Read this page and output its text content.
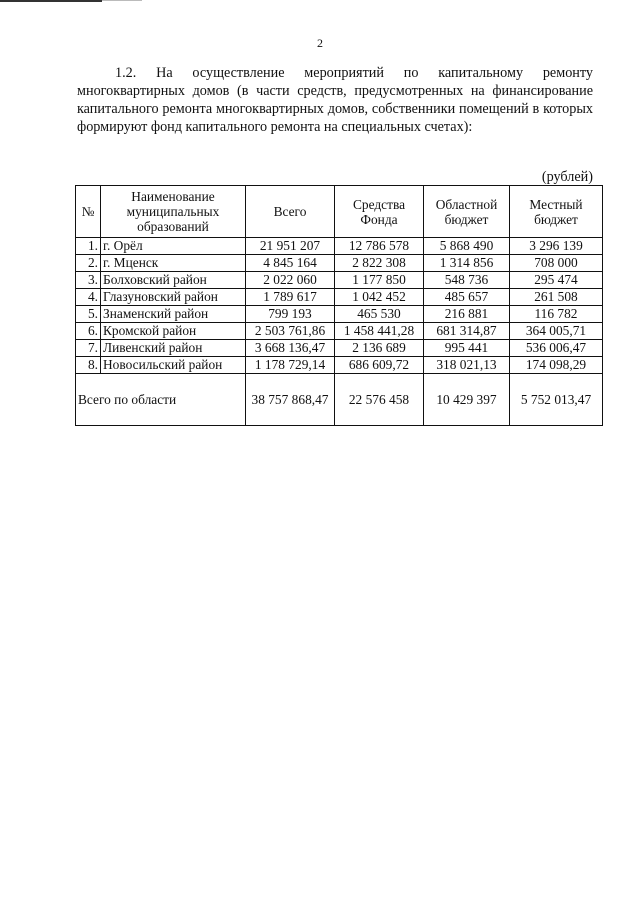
2

1.2. На осуществление мероприятий по капитальному ремонту многоквартирных домов (в части средств, предусмотренных на финансирование капитального ремонта многоквартирных домов, собственники помещений в которых формируют фонд капитального ремонта на специальных счетах):

(рублей)
№	Наименование муниципальных образований	Всего	Средства Фонда	Областной бюджет	Местный бюджет
1.	г. Орёл	21 951 207	12 786 578	5 868 490	3 296 139
2.	г. Мценск	4 845 164	2 822 308	1 314 856	708 000
3.	Болховский район	2 022 060	1 177 850	548 736	295 474
4.	Глазуновский район	1 789 617	1 042 452	485 657	261 508
5.	Знаменский район	799 193	465 530	216 881	116 782
6.	Кромской район	2 503 761,86	1 458 441,28	681 314,87	364 005,71
7.	Ливенский район	3 668 136,47	2 136 689	995 441	536 006,47
8.	Новосильский район	1 178 729,14	686 609,72	318 021,13	174 098,29
Всего по области		38 757 868,47	22 576 458	10 429 397	5 752 013,47
